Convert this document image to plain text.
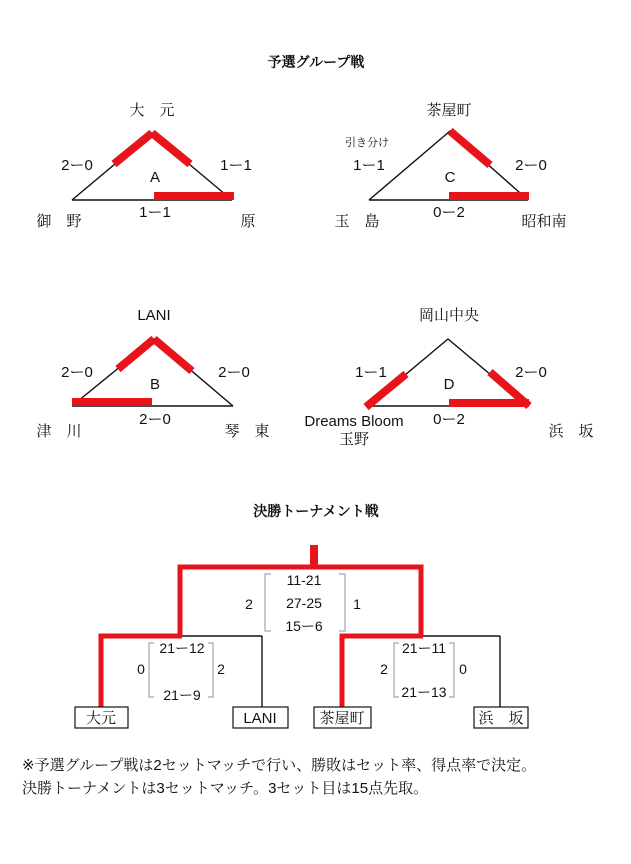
予選グループ戦
大　元
御　野	原
2ー0	1ー1
1ー1
A
茶屋町
引き分け
玉　島	昭和南
1ー1	2ー0
0ー2
C
LANI
津　川	琴　東
2ー0	2ー0
2ー0
B
岡山中央
Dreams Bloom
玉野	浜　坂
1ー1	2ー0
0ー2
D
決勝トーナメント戦
大元	LANI	茶屋町	浜　坂
2	1
11-21
27-25
15ー6
0	2
21ー12
21ー9
2	0
21ー11
21ー13
※予選グループ戦は2セットマッチで行い、勝敗はセット率、得点率で決定。
決勝トーナメントは3セットマッチ。3セット目は15点先取。
